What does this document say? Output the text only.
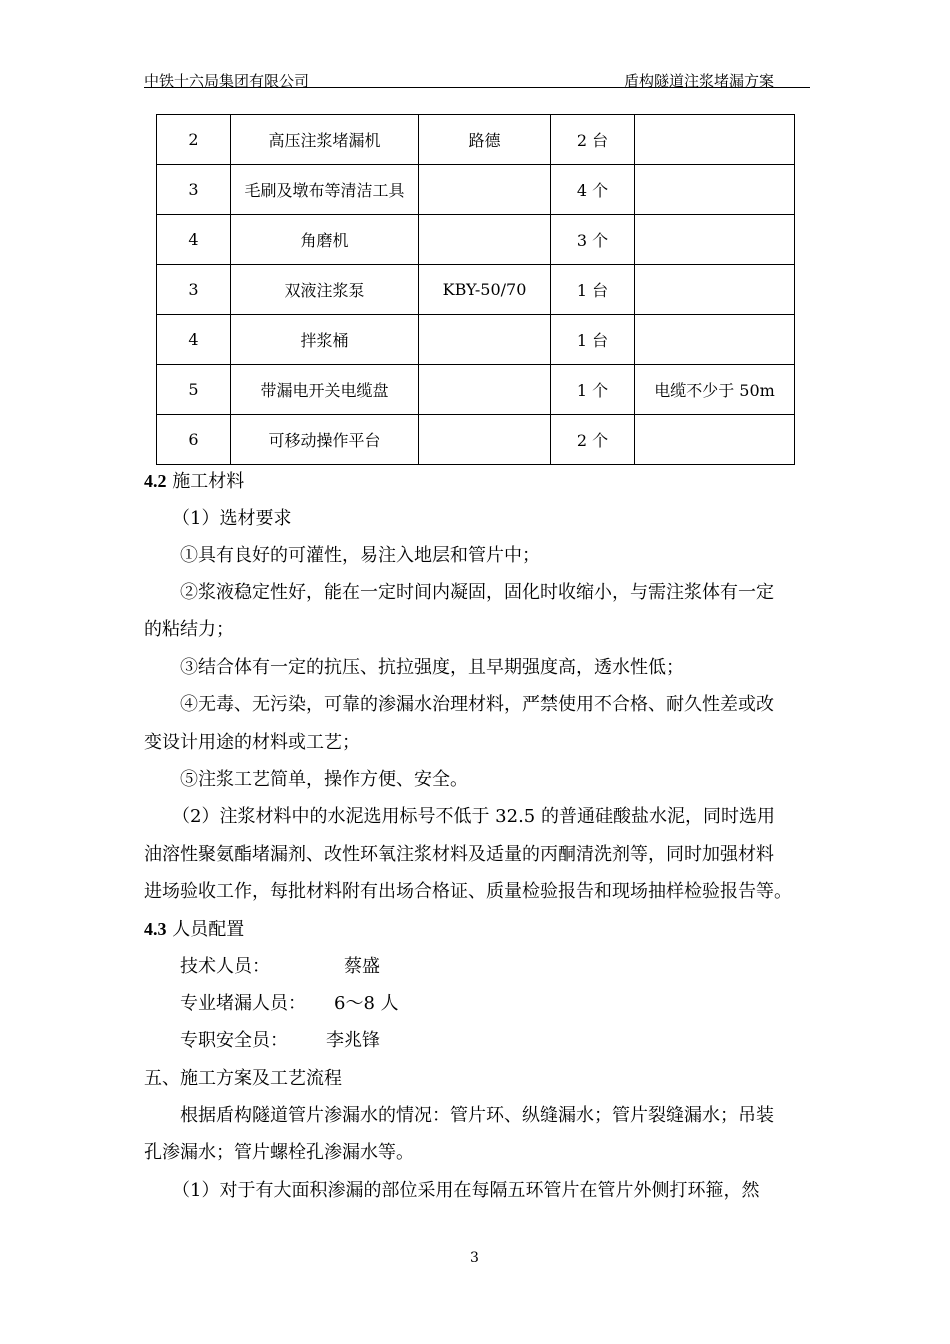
中铁十六局集团有限公司	盾构隧道注浆堵漏方案
2	高压注浆堵漏机	路德	2 台	
3	毛刷及墩布等清洁工具		4 个	
4	角磨机		3 个	
3	双液注浆泵	KBY-50/70	1 台	
4	拌浆桶		1 台	
5	带漏电开关电缆盘		1 个	电缆不少于 50m
6	可移动操作平台		2 个	
4.2 施工材料
（1）选材要求
①具有良好的可灌性，易注入地层和管片中；
②浆液稳定性好，能在一定时间内凝固，固化时收缩小，与需注浆体有一定
的粘结力；
③结合体有一定的抗压、抗拉强度，且早期强度高，透水性低；
④无毒、无污染，可靠的渗漏水治理材料，严禁使用不合格、耐久性差或改
变设计用途的材料或工艺；
⑤注浆工艺简单，操作方便、安全。
（2）注浆材料中的水泥选用标号不低于 32.5 的普通硅酸盐水泥，同时选用
油溶性聚氨酯堵漏剂、改性环氧注浆材料及适量的丙酮清洗剂等，同时加强材料
进场验收工作，每批材料附有出场合格证、质量检验报告和现场抽样检验报告等。
4.3 人员配置
技术人员：	蔡盛
专业堵漏人员： 6～8 人
专职安全员： 李兆锋
五、施工方案及工艺流程
根据盾构隧道管片渗漏水的情况：管片环、纵缝漏水；管片裂缝漏水；吊装
孔渗漏水；管片螺栓孔渗漏水等。
（1）对于有大面积渗漏的部位采用在每隔五环管片在管片外侧打环箍，然
3
